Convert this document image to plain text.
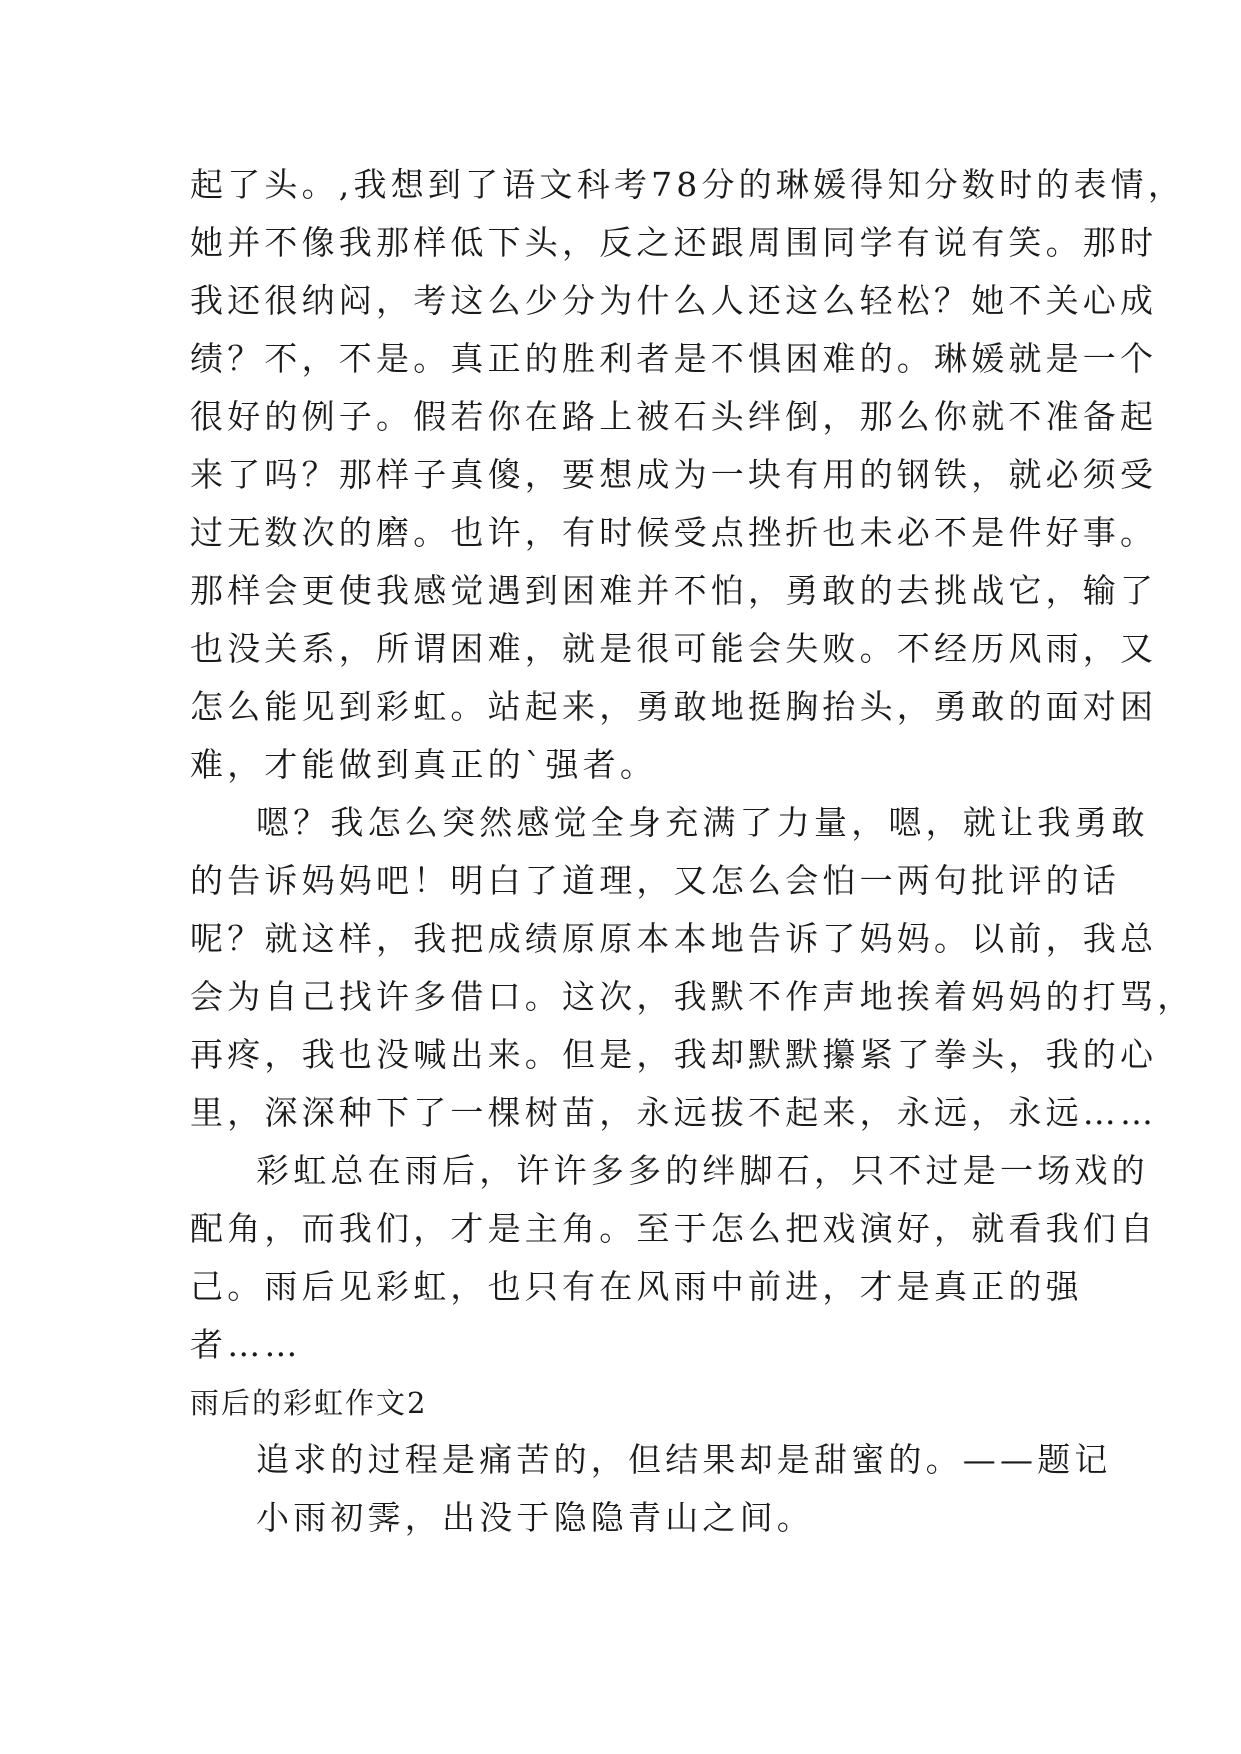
起了头。,我想到了语文科考78分的琳媛得知分数时的表情，
她并不像我那样低下头，反之还跟周围同学有说有笑。那时
我还很纳闷，考这么少分为什么人还这么轻松？她不关心成
绩？不，不是。真正的胜利者是不惧困难的。琳媛就是一个
很好的例子。假若你在路上被石头绊倒，那么你就不准备起
来了吗？那样子真傻，要想成为一块有用的钢铁，就必须受
过无数次的磨。也许，有时候受点挫折也未必不是件好事。
那样会更使我感觉遇到困难并不怕，勇敢的去挑战它，输了
也没关系，所谓困难，就是很可能会失败。不经历风雨，又
怎么能见到彩虹。站起来，勇敢地挺胸抬头，勇敢的面对困
难，才能做到真正的`强者。
嗯？我怎么突然感觉全身充满了力量，嗯，就让我勇敢
的告诉妈妈吧！明白了道理，又怎么会怕一两句批评的话
呢？就这样，我把成绩原原本本地告诉了妈妈。以前，我总
会为自己找许多借口。这次，我默不作声地挨着妈妈的打骂，
再疼，我也没喊出来。但是，我却默默攥紧了拳头，我的心
里，深深种下了一棵树苗，永远拔不起来，永远，永远……
彩虹总在雨后，许许多多的绊脚石，只不过是一场戏的
配角，而我们，才是主角。至于怎么把戏演好，就看我们自
己。雨后见彩虹，也只有在风雨中前进，才是真正的强
者……
雨后的彩虹作文2
追求的过程是痛苦的，但结果却是甜蜜的。——题记
小雨初霁，出没于隐隐青山之间。
